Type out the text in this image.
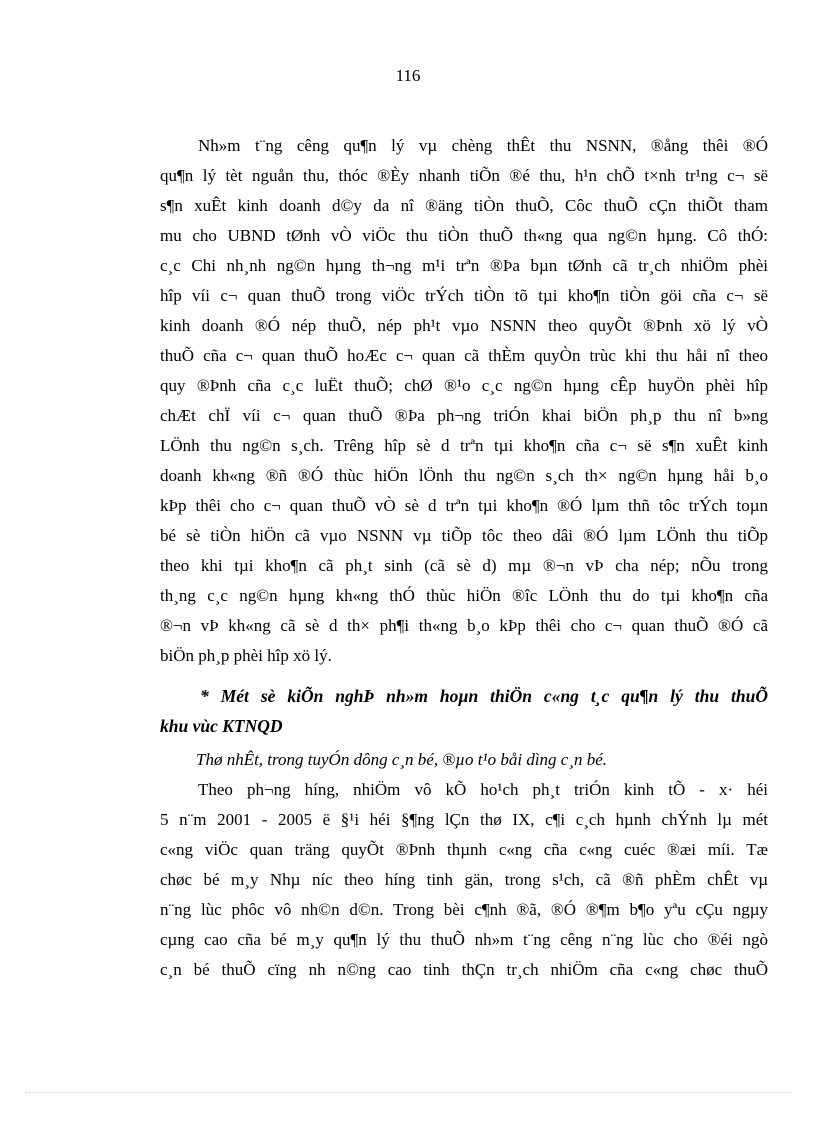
116
Nh»m t¨ng cêng qu¶n lý vµ chèng thÊt thu NSNN, ®ång thêi ®Ó
qu¶n lý tèt nguån thu, thóc ®Èy nhanh tiÕn ®é thu, h¹n chÕ t×nh tr¹ng c¬ së
s¶n xuÊt kinh doanh d©y da nî ®äng tiÒn thuÕ, Côc thuÕ cÇn thiÕt tham
mu cho UBND tØnh vÒ viÖc thu tiÒn thuÕ th«ng qua ng©n hµng. Cô thÓ:
c¸c Chi nh¸nh ng©n hµng th¬ng m¹i trªn ®Þa bµn tØnh cã tr¸ch nhiÖm phèi
hîp víi c¬ quan thuÕ trong viÖc trÝch tiÒn tõ tµi kho¶n tiÒn göi cña c¬ së
kinh doanh ®Ó nép thuÕ, nép ph¹t vµo NSNN theo quyÕt ®Þnh xö lý vÒ
thuÕ cña c¬ quan thuÕ hoÆc c¬ quan cã thÈm quyÒn trùc khi thu håi nî theo
quy ®Þnh cña c¸c luËt thuÕ; chØ ®¹o c¸c ng©n hµng cÊp huyÖn phèi hîp
chÆt chÏ víi c¬ quan thuÕ ®Þa ph¬ng triÓn khai biÖn ph¸p thu nî b»ng
LÖnh thu ng©n s¸ch. Trêng hîp sè d trªn tµi kho¶n cña c¬ së s¶n xuÊt kinh
doanh kh«ng ®ñ ®Ó thùc hiÖn lÖnh thu ng©n s¸ch th× ng©n hµng håi b¸o
kÞp thêi cho c¬ quan thuÕ vÒ sè d trªn tµi kho¶n ®Ó lµm thñ tôc trÝch toµn
bé sè tiÒn hiÖn cã vµo NSNN vµ tiÕp tôc theo dâi ®Ó lµm LÖnh thu tiÕp
theo khi tµi kho¶n cã ph¸t sinh (cã sè d) mµ ®¬n vÞ cha nép; nÕu trong
th¸ng c¸c ng©n hµng kh«ng thÓ thùc hiÖn ®îc LÖnh thu do tµi kho¶n cña
®¬n vÞ kh«ng cã sè d th× ph¶i th«ng b¸o kÞp thêi cho c¬ quan thuÕ ®Ó cã
biÖn ph¸p phèi hîp xö lý.
* Mét sè kiÕn nghÞ nh»m hoµn thiÖn c«ng t¸c qu¶n lý thu thuÕ
khu vùc KTNQD
Thø nhÊt, trong tuyÓn dông c¸n bé, ®µo t¹o båi dìng c¸n bé.
Theo ph¬ng híng, nhiÖm vô kÕ ho¹ch ph¸t triÓn kinh tÕ - x· héi
5 n¨m 2001 - 2005 ë §¹i héi §¶ng lÇn thø IX, c¶i c¸ch hµnh chÝnh lµ mét
c«ng viÖc quan träng quyÕt ®Þnh thµnh c«ng cña c«ng cuéc ®æi míi. Tæ
chøc bé m¸y Nhµ níc theo híng tinh gän, trong s¹ch, cã ®ñ phÈm chÊt vµ
n¨ng lùc phôc vô nh©n d©n. Trong bèi c¶nh ®ã, ®Ó ®¶m b¶o yªu cÇu ngµy
cµng cao cña bé m¸y qu¶n lý thu thuÕ nh»m t¨ng cêng n¨ng lùc cho ®éi ngò
c¸n bé thuÕ cïng nh n©ng cao tinh thÇn tr¸ch nhiÖm cña c«ng chøc thuÕ
